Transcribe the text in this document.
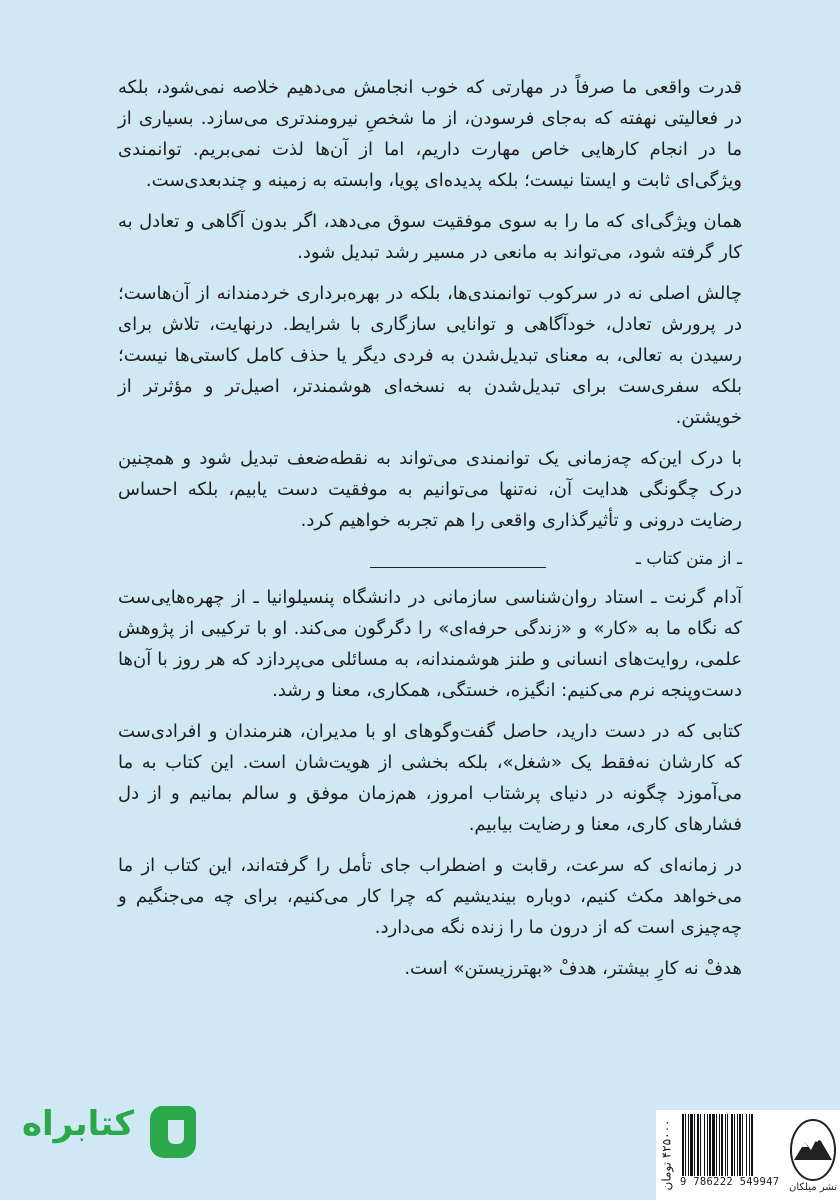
قدرت واقعی ما صرفاً در مهارتی که خوب انجامش می‌دهیم خلاصه نمی‌شود، بلکه در فعالیتی نهفته که به‌جای فرسودن، از ما شخصِ نیرومندتری می‌سازد. بسیاری از ما در انجام کارهایی خاص مهارت داریم، اما از آن‌ها لذت نمی‌بریم. توانمندی ویژگی‌ای ثابت و ایستا نیست؛ بلکه پدیده‌ای پویا، وابسته به زمینه و چندبعدی‌ست.

همان ویژگی‌ای که ما را به سوی موفقیت سوق می‌دهد، اگر بدون آگاهی و تعادل به کار گرفته شود، می‌تواند به مانعی در مسیر رشد تبدیل شود.

چالش اصلی نه در سرکوب توانمندی‌ها، بلکه در بهره‌برداری خردمندانه از آن‌هاست؛ در پرورش تعادل، خودآگاهی و توانایی سازگاری با شرایط. درنهایت، تلاش برای رسیدن به تعالی، به معنای تبدیل‌شدن به فردی دیگر یا حذف کامل کاستی‌ها نیست؛ بلکه سفری‌ست برای تبدیل‌شدن به نسخه‌ای هوشمندتر، اصیل‌تر و مؤثرتر از خویشتن.

با درک این‌که چه‌زمانی یک توانمندی می‌تواند به نقطه‌ضعف تبدیل شود و همچنین درک چگونگی هدایت آن، نه‌تنها می‌توانیم به موفقیت دست یابیم، بلکه احساس رضایت درونی و تأثیرگذاری واقعی را هم تجربه خواهیم کرد.

ـ از متن کتاب ـ

آدام گرنت ـ استاد روان‌شناسی سازمانی در دانشگاه پنسیلوانیا ـ از چهره‌هایی‌ست که نگاه ما به «کار» و «زندگی حرفه‌ای» را دگرگون می‌کند. او با ترکیبی از پژوهش علمی، روایت‌های انسانی و طنز هوشمندانه، به مسائلی می‌پردازد که هر روز با آن‌ها دست‌وپنجه نرم می‌کنیم: انگیزه، خستگی، همکاری، معنا و رشد.

کتابی که در دست دارید، حاصل گفت‌وگوهای او با مدیران، هنرمندان و افرادی‌ست که کارشان نه‌فقط یک «شغل»، بلکه بخشی از هویت‌شان است. این کتاب به ما می‌آموزد چگونه در دنیای پرشتاب امروز، هم‌زمان موفق و سالم بمانیم و از دل فشارهای کاری، معنا و رضایت بیابیم.

در زمانه‌ای که سرعت، رقابت و اضطراب جای تأمل را گرفته‌اند، این کتاب از ما می‌خواهد مکث کنیم، دوباره بیندیشیم که چرا کار می‌کنیم، برای چه می‌جنگیم و چه‌چیزی است که از درون ما را زنده نگه می‌دارد.

هدفْ نه کارِ بیشتر، هدفْ «بهترزیستن» است.

کتابراه
۴۲۵۰۰۰ تومان
9 786222 549947 نشر میلکان
